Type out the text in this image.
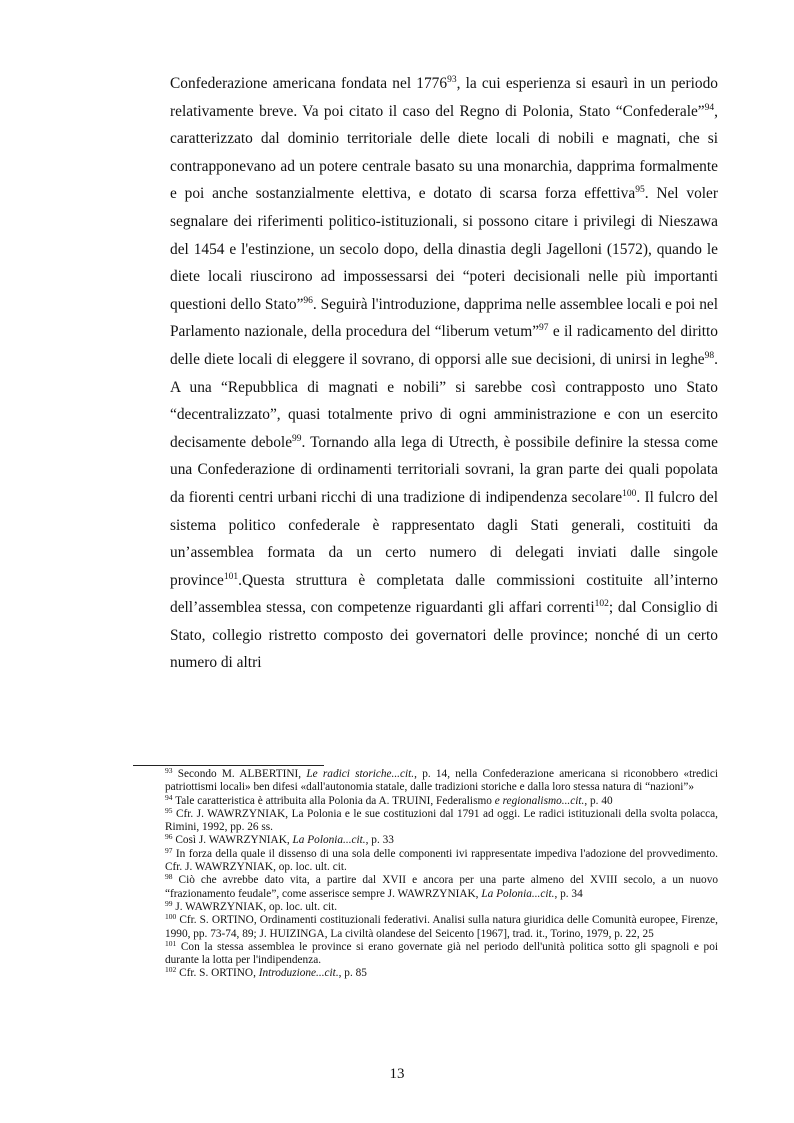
Confederazione americana fondata nel 1776$^{93}$, la cui esperienza si esaurì in un periodo relativamente breve. Va poi citato il caso del Regno di Polonia, Stato “Confederale”$^{94}$, caratterizzato dal dominio territoriale delle diete locali di nobili e magnati, che si contrapponevano ad un potere centrale basato su una monarchia, dapprima formalmente e poi anche sostanzialmente elettiva, e dotato di scarsa forza effettiva$^{95}$. Nel voler segnalare dei riferimenti politico-istituzionali, si possono citare i privilegi di Nieszawa del 1454 e l'estinzione, un secolo dopo, della dinastia degli Jagelloni (1572), quando le diete locali riuscirono ad impossessarsi dei “poteri decisionali nelle più importanti questioni dello Stato”$^{96}$. Seguirà l'introduzione, dapprima nelle assemblee locali e poi nel Parlamento nazionale, della procedura del “liberum vetum”$^{97}$ e il radicamento del diritto delle diete locali di eleggere il sovrano, di opporsi alle sue decisioni, di unirsi in leghe$^{98}$. A una “Repubblica di magnati e nobili” si sarebbe così contrapposto uno Stato “decentralizzato”, quasi totalmente privo di ogni amministrazione e con un esercito decisamente debole$^{99}$. Tornando alla lega di Utrecth, è possibile definire la stessa come una Confederazione di ordinamenti territoriali sovrani, la gran parte dei quali popolata da fiorenti centri urbani ricchi di una tradizione di indipendenza secolare$^{100}$. Il fulcro del sistema politico confederale è rappresentato dagli Stati generali, costituiti da un’assemblea formata da un certo numero di delegati inviati dalle singole province$^{101}$.Questa struttura è completata dalle commissioni costituite all’interno dell’assemblea stessa, con competenze riguardanti gli affari correnti$^{102}$; dal Consiglio di Stato, collegio ristretto composto dei governatori delle province; nonché di un certo numero di altri

$^{93}$ Secondo M. ALBERTINI, Le radici storiche...cit., p. 14, nella Confederazione americana si riconobbero «tredici patriottismi locali» ben difesi «dall'autonomia statale, dalle tradizioni storiche e dalla loro stessa natura di “nazioni”»

$^{94}$ Tale caratteristica è attribuita alla Polonia da A. TRUINI, Federalismo e regionalismo...cit., p. 40

$^{95}$ Cfr. J. WAWRZYNIAK, La Polonia e le sue costituzioni dal 1791 ad oggi. Le radici istituzionali della svolta polacca, Rimini, 1992, pp. 26 ss.

$^{96}$ Così J. WAWRZYNIAK, La Polonia...cit., p. 33

$^{97}$ In forza della quale il dissenso di una sola delle componenti ivi rappresentate impediva l'adozione del provvedimento. Cfr. J. WAWRZYNIAK, op. loc. ult. cit.

$^{98}$ Ciò che avrebbe dato vita, a partire dal XVII e ancora per una parte almeno del XVIII secolo, a un nuovo “frazionamento feudale”, come asserisce sempre J. WAWRZYNIAK, La Polonia...cit., p. 34

$^{99}$ J. WAWRZYNIAK, op. loc. ult. cit.

$^{100}$ Cfr. S. ORTINO, Ordinamenti costituzionali federativi. Analisi sulla natura giuridica delle Comunità europee, Firenze, 1990, pp. 73-74, 89; J. HUIZINGA, La civiltà olandese del Seicento [1967], trad. it., Torino, 1979, p. 22, 25

$^{101}$ Con la stessa assemblea le province si erano governate già nel periodo dell'unità politica sotto gli spagnoli e poi durante la lotta per l'indipendenza.

$^{102}$ Cfr. S. ORTINO, Introduzione...cit., p. 85

13
